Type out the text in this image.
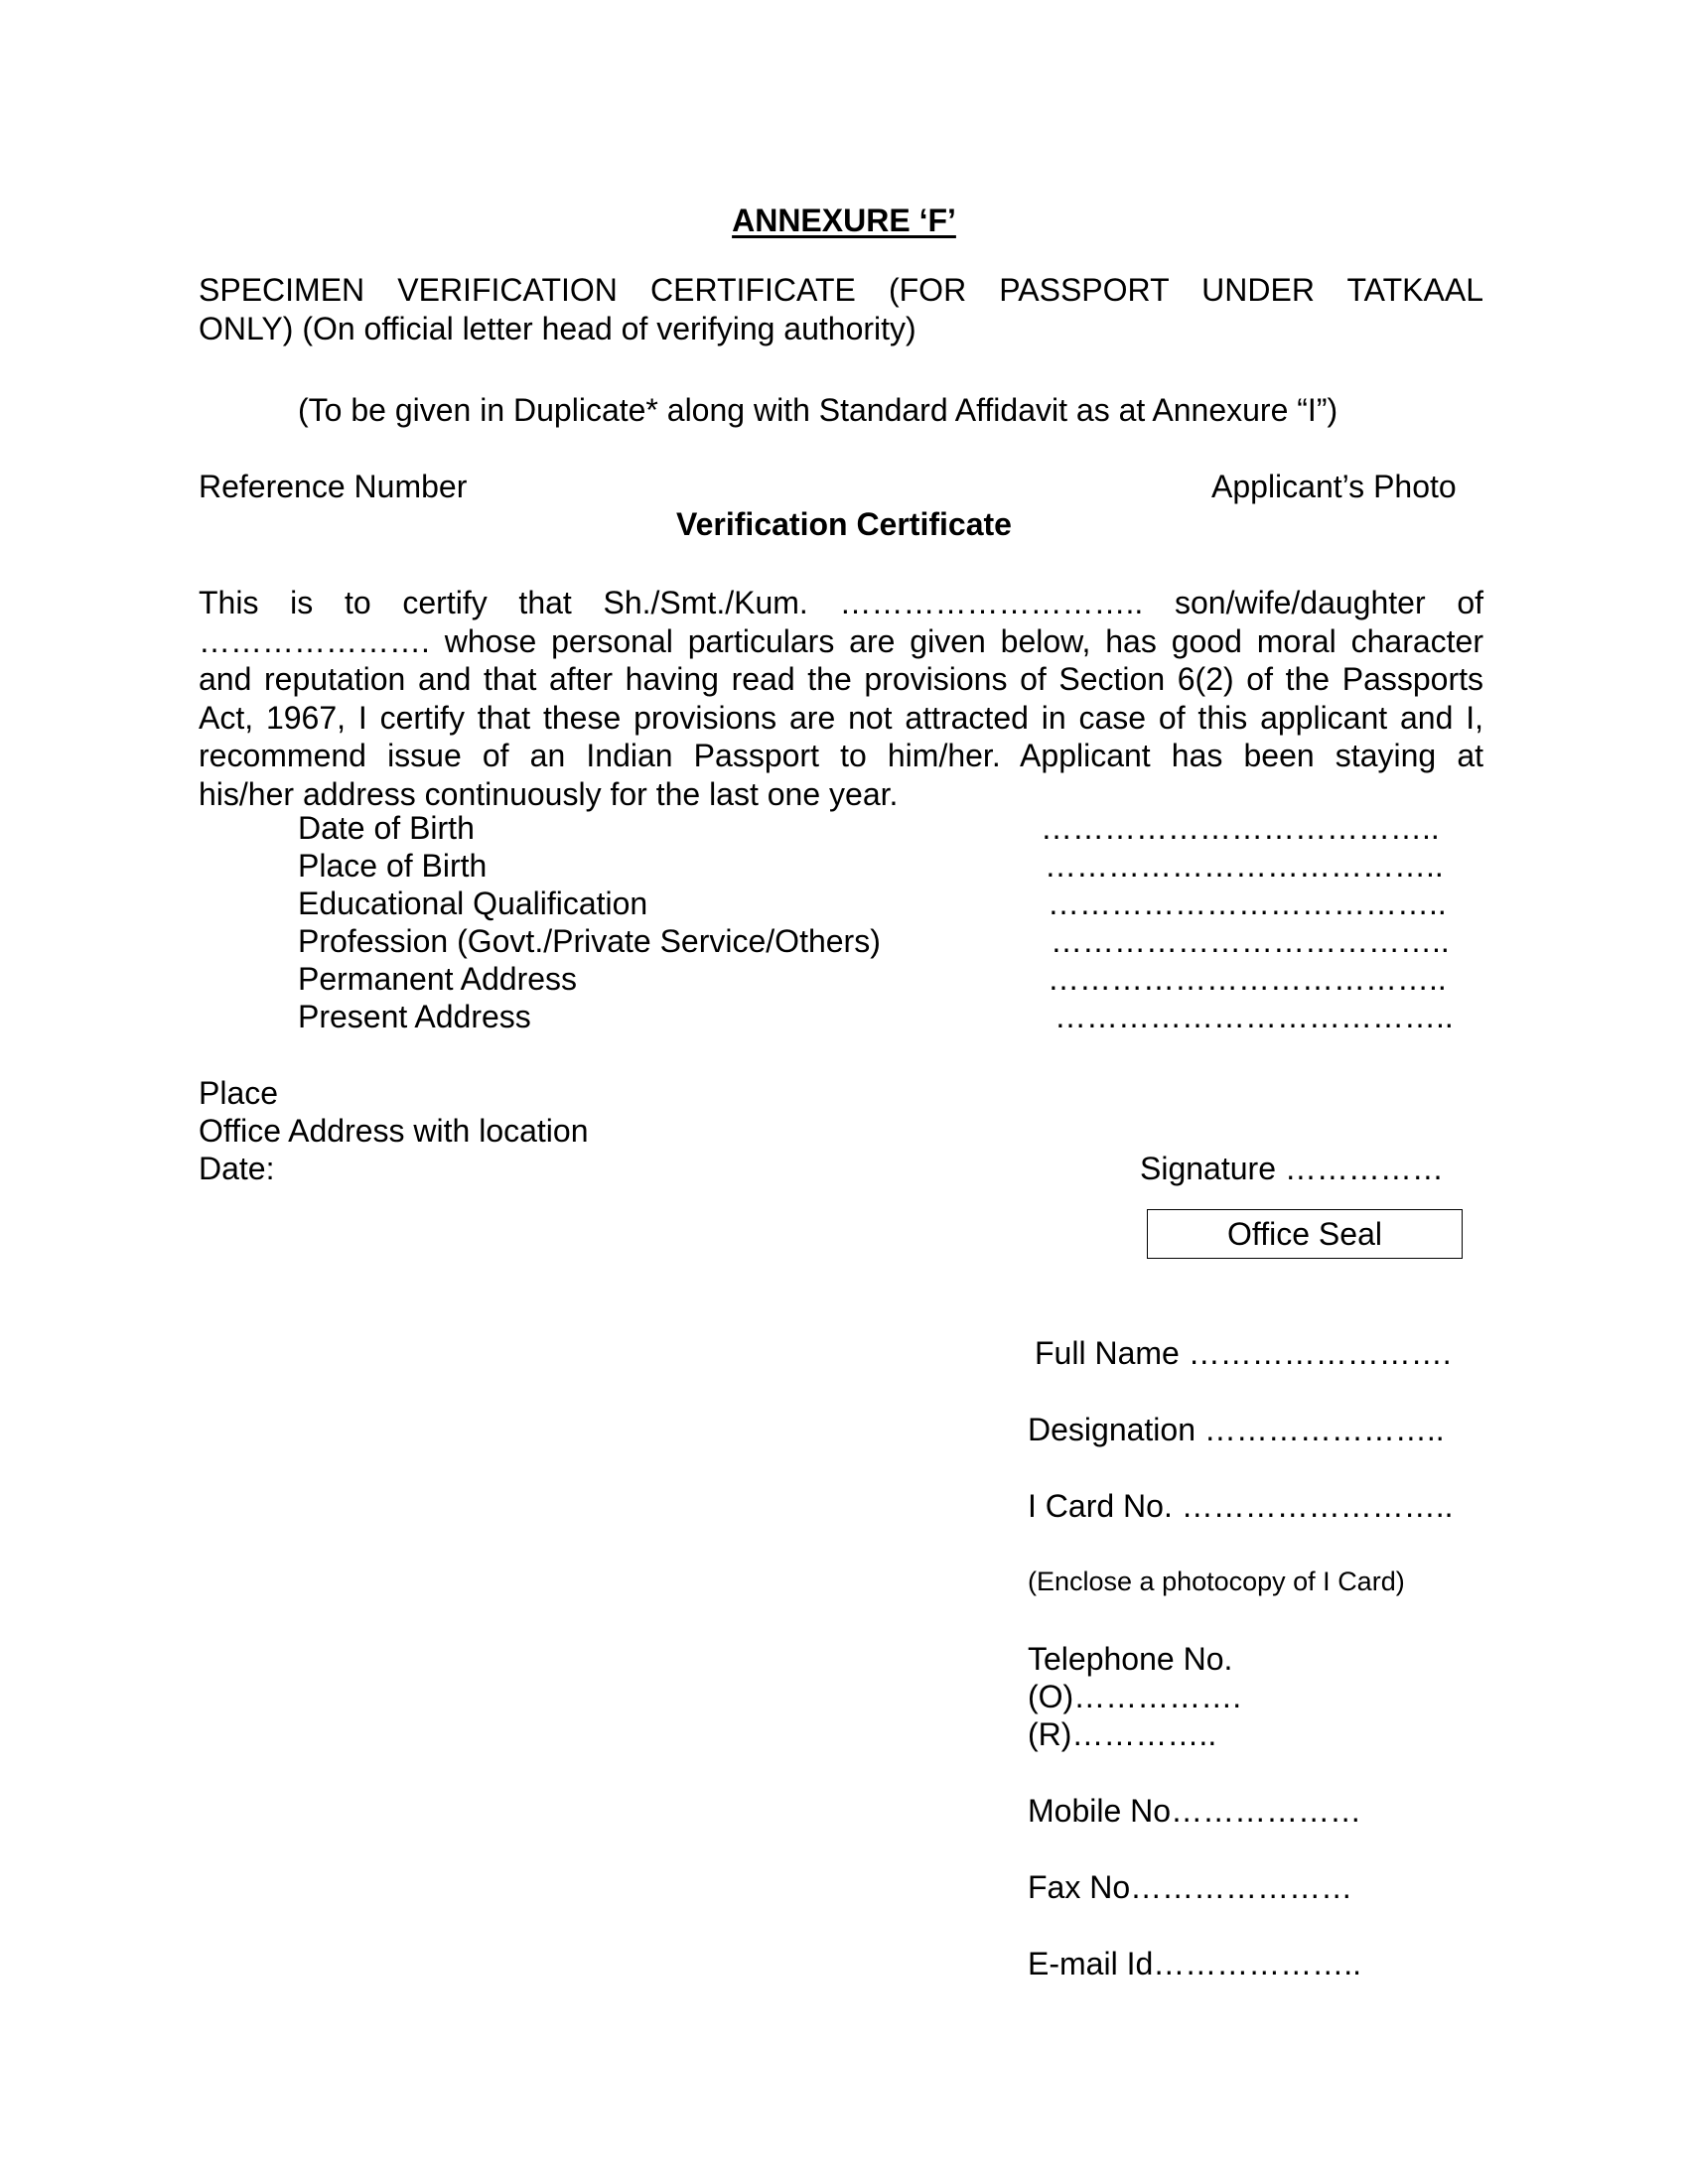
ANNEXURE ‘F’
SPECIMEN VERIFICATION CERTIFICATE (FOR PASSPORT UNDER TATKAAL
ONLY) (On official letter head of verifying authority)
(To be given in Duplicate* along with Standard Affidavit as at Annexure “I”)
Reference Number	Applicant’s Photo
Verification Certificate
This is to certify that Sh./Smt./Kum. ……………………….. son/wife/daughter of
…………………. whose personal particulars are given below, has good moral character
and reputation and that after having read the provisions of Section 6(2) of the Passports
Act, 1967, I certify that these provisions are not attracted in case of this applicant and I,
recommend issue of an Indian Passport to him/her. Applicant has been staying at
his/her address continuously for the last one year.
Date of Birth	………………………………..
Place of Birth	………………………………..
Educational Qualification	………………………………..
Profession (Govt./Private Service/Others)	………………………………..
Permanent Address	………………………………..
Present Address	………………………………..
Place
Office Address with location
Date:	Signature ……………
Office Seal
Full Name …………………….
Designation …………………..
I Card No. ……………………..
(Enclose a photocopy of I Card)
Telephone No.
(O)…………….
(R)…………..
Mobile No………………
Fax No…………………
E-mail Id………………..
